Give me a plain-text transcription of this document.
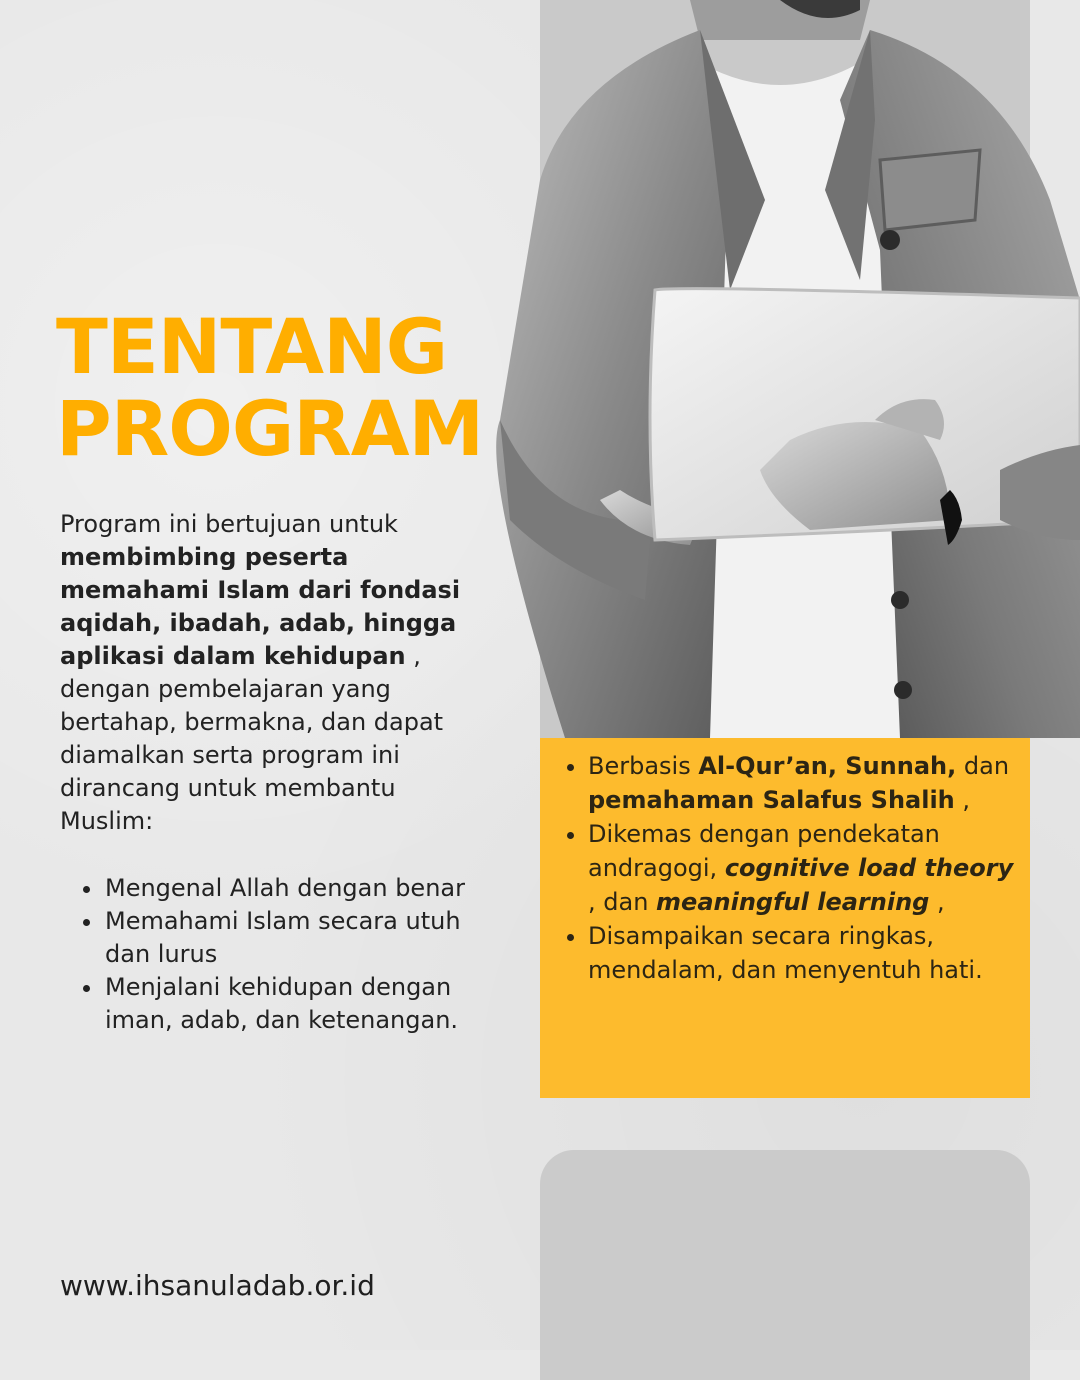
TENTANG
PROGRAM

Program ini bertujuan untuk membimbing peserta memahami Islam dari fondasi aqidah, ibadah, adab, hingga aplikasi dalam kehidupan , dengan pembelajaran yang bertahap, bermakna, dan dapat diamalkan serta program ini dirancang untuk membantu Muslim:

• Mengenal Allah dengan benar
• Memahami Islam secara utuh dan lurus
• Menjalani kehidupan dengan iman, adab, dan ketenangan.
• Berbasis Al-Qur’an, Sunnah, dan pemahaman Salafus Shalih ,
• Dikemas dengan pendekatan andragogi, cognitive load theory , dan meaningful learning ,
• Disampaikan secara ringkas, mendalam, dan menyentuh hati.
www.ihsanuladab.or.id
